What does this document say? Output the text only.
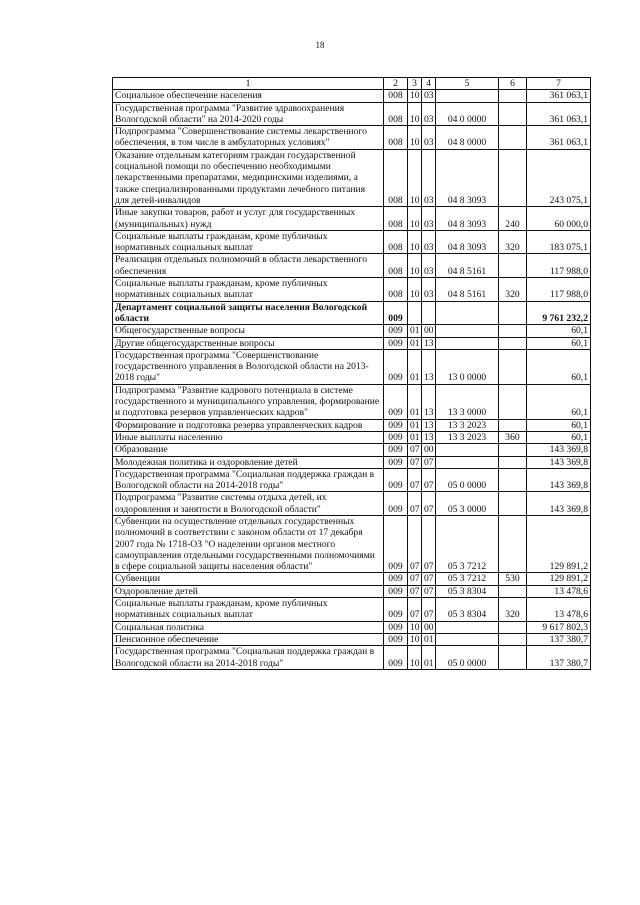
18
1	2	3	4	5	6	7
Социальное обеспечение населения	008	10	03			361 063,1
Государственная программа "Развитие здравоохранения Вологодской области" на 2014-2020 годы	008	10	03	04 0 0000		361 063,1
Подпрограмма "Совершенствование системы лекарственного обеспечения, в том числе в амбулаторных условиях"	008	10	03	04 8 0000		361 063,1
Оказание отдельным категориям граждан государственной социальной помощи по обеспечению необходимыми лекарственными препаратами, медицинскими изделиями, а также специализированными продуктами лечебного питания для детей-инвалидов	008	10	03	04 8 3093		243 075,1
Иные закупки товаров, работ и услуг для государственных (муниципальных) нужд	008	10	03	04 8 3093	240	60 000,0
Социальные выплаты гражданам, кроме публичных нормативных социальных выплат	008	10	03	04 8 3093	320	183 075,1
Реализация отдельных полномочий в области лекарственного обеспечения	008	10	03	04 8 5161		117 988,0
Социальные выплаты гражданам, кроме публичных нормативных социальных выплат	008	10	03	04 8 5161	320	117 988,0
Департамент социальной защиты населения Вологодской области	009					9 761 232,2
Общегосударственные вопросы	009	01	00			60,1
Другие общегосударственные вопросы	009	01	13			60,1
Государственная программа "Совершенствование государственного управления в Вологодской области на 2013-2018 годы"	009	01	13	13 0 0000		60,1
Подпрограмма "Развитие кадрового потенциала в системе государственного и муниципального управления, формирование и подготовка резервов управленческих кадров"	009	01	13	13 3 0000		60,1
Формирование и подготовка резерва управленческих кадров	009	01	13	13 3 2023		60,1
Иные выплаты населению	009	01	13	13 3 2023	360	60,1
Образование	009	07	00			143 369,8
Молодежная политика и оздоровление детей	009	07	07			143 369,8
Государственная программа "Социальная поддержка граждан в Вологодской области на 2014-2018 годы"	009	07	07	05 0 0000		143 369,8
Подпрограмма "Развитие системы отдыха детей, их оздоровления и занятости в Вологодской области"	009	07	07	05 3 0000		143 369,8
Субвенции на осуществление отдельных государственных полномочий в соответствии с законом области от 17 декабря 2007 года № 1718-ОЗ "О наделении органов местного самоуправления отдельными государственными полномочиями в сфере социальной защиты населения области"	009	07	07	05 3 7212		129 891,2
Субвенции	009	07	07	05 3 7212	530	129 891,2
Оздоровление детей	009	07	07	05 3 8304		13 478,6
Социальные выплаты гражданам, кроме публичных нормативных социальных выплат	009	07	07	05 3 8304	320	13 478,6
Социальная политика	009	10	00			9 617 802,3
Пенсионное обеспечение	009	10	01			137 380,7
Государственная программа "Социальная поддержка граждан в Вологодской области на 2014-2018 годы"	009	10	01	05 0 0000		137 380,7
